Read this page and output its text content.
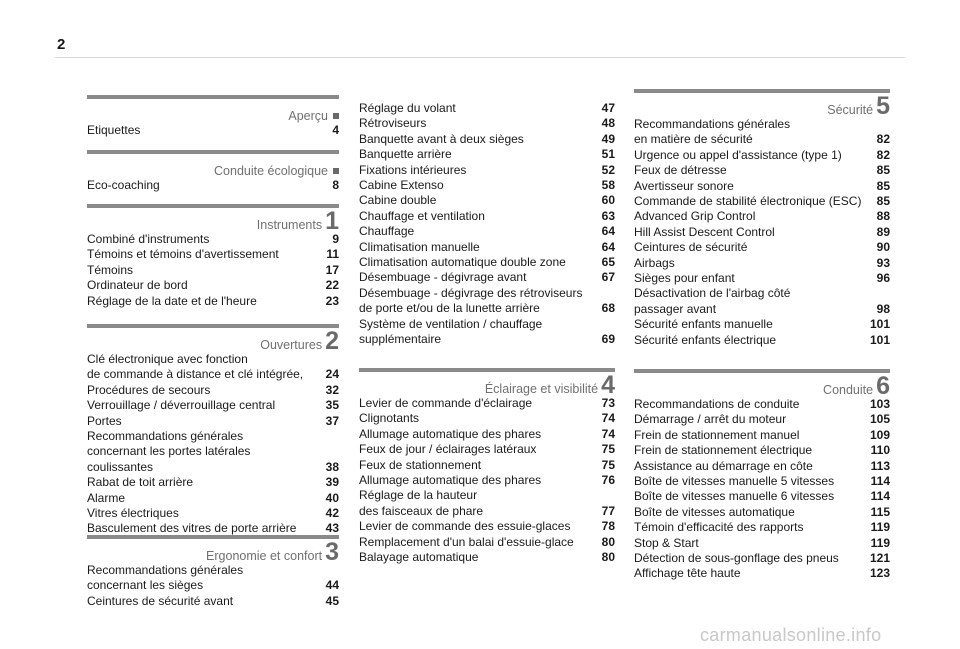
2
Aperçu
Etiquettes	4
Conduite écologique
Eco-coaching	8
Instruments 1
Combiné d'instruments	9
Témoins et témoins d'avertissement	11
Témoins	17
Ordinateur de bord	22
Réglage de la date et de l'heure	23
Ouvertures 2
Clé électronique avec fonction
de commande à distance et clé intégrée, 24
Procédures de secours	32
Verrouillage / déverrouillage central	35
Portes	37
Recommandations générales
concernant les portes latérales coulissantes	38
Rabat de toit arrière	39
Alarme	40
Vitres électriques	42
Basculement des vitres de porte arrière 43
Ergonomie et confort 3
Recommandations générales
concernant les sièges	44
Ceintures de sécurité avant	45
Réglage du volant	47
Rétroviseurs	48
Banquette avant à deux sièges	49
Banquette arrière	51
Fixations intérieures	52
Cabine Extenso	58
Cabine double	60
Chauffage et ventilation	63
Chauffage	64
Climatisation manuelle	64
Climatisation automatique double zone	65
Désembuage - dégivrage avant	67
Désembuage - dégivrage des rétroviseurs
de porte et/ou de la lunette arrière	68
Système de ventilation / chauffage
supplémentaire	69
Éclairage et visibilité 4
Levier de commande d'éclairage	73
Clignotants	74
Allumage automatique des phares	74
Feux de jour / éclairages latéraux	75
Feux de stationnement	75
Allumage automatique des phares	76
Réglage de la hauteur
des faisceaux de phare	77
Levier de commande des essuie-glaces	78
Remplacement d'un balai d'essuie-glace 80
Balayage automatique	80
Sécurité 5
Recommandations générales
en matière de sécurité	82
Urgence ou appel d'assistance (type 1)	82
Feux de détresse	85
Avertisseur sonore	85
Commande de stabilité électronique (ESC) 85
Advanced Grip Control	88
Hill Assist Descent Control	89
Ceintures de sécurité	90
Airbags	93
Sièges pour enfant	96
Désactivation de l'airbag côté
passager avant	98
Sécurité enfants manuelle	101
Sécurité enfants électrique	101
Conduite 6
Recommandations de conduite	103
Démarrage / arrêt du moteur	105
Frein de stationnement manuel	109
Frein de stationnement électrique	110
Assistance au démarrage en côte	113
Boîte de vitesses manuelle 5 vitesses	114
Boîte de vitesses manuelle 6 vitesses	114
Boîte de vitesses automatique	115
Témoin d'efficacité des rapports	119
Stop & Start	119
Détection de sous-gonflage des pneus	121
Affichage tête haute	123
carmanualsonline.info
